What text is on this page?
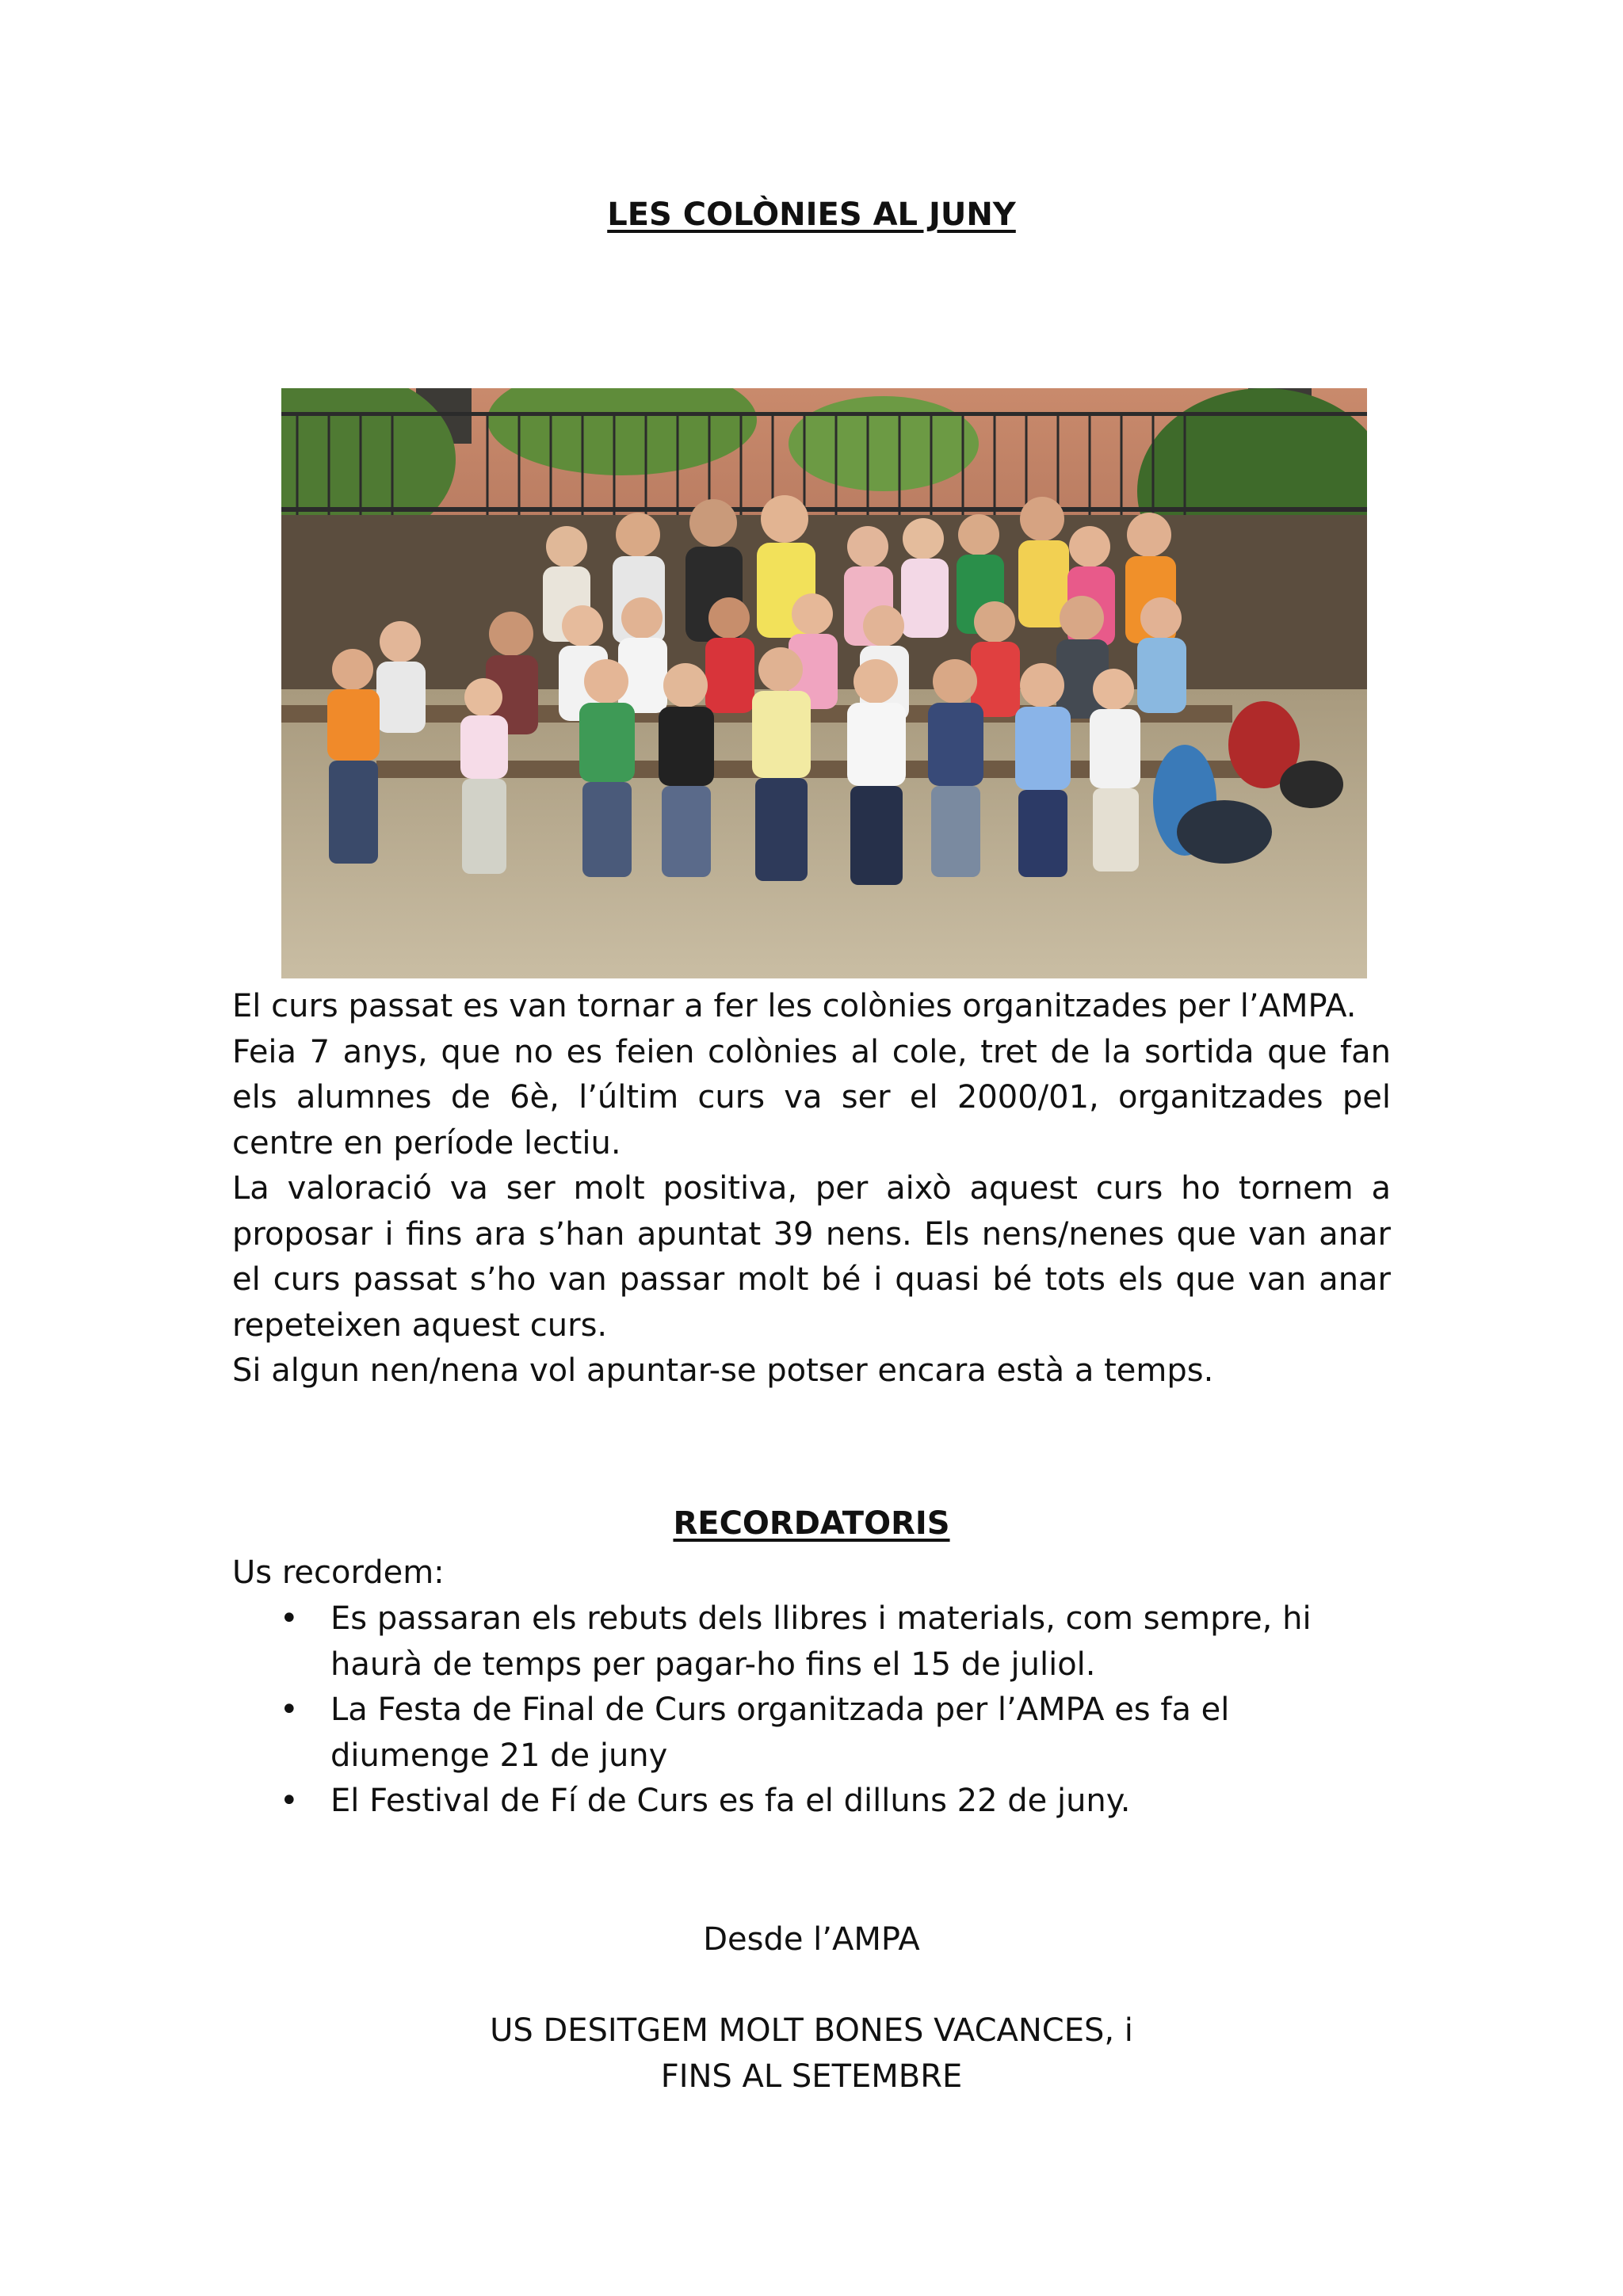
LES COLÒNIES AL JUNY

El curs passat es van tornar a fer les colònies organitzades per l’AMPA.

Feia 7 anys, que no es feien colònies al cole, tret de la sortida que fan els alumnes de 6è, l’últim curs va ser el 2000/01, organitzades pel centre en període lectiu.

La valoració va ser molt positiva, per això aquest curs ho tornem a proposar i fins ara s’han apuntat 39 nens. Els nens/nenes que van anar el curs passat s’ho van passar molt bé i quasi bé tots els que van anar repeteixen aquest curs.

Si algun nen/nena vol apuntar-se potser encara està a temps.

RECORDATORIS
Us recordem:
• Es passaran els rebuts dels llibres i materials, com sempre, hi haurà de temps per pagar-ho fins el 15 de juliol.
• La Festa de Final de Curs organitzada per l’AMPA es fa el diumenge 21 de juny
• El Festival de Fí de Curs es fa el dilluns 22 de juny.
Desde l’AMPA
US DESITGEM MOLT BONES VACANCES, i
FINS AL SETEMBRE
